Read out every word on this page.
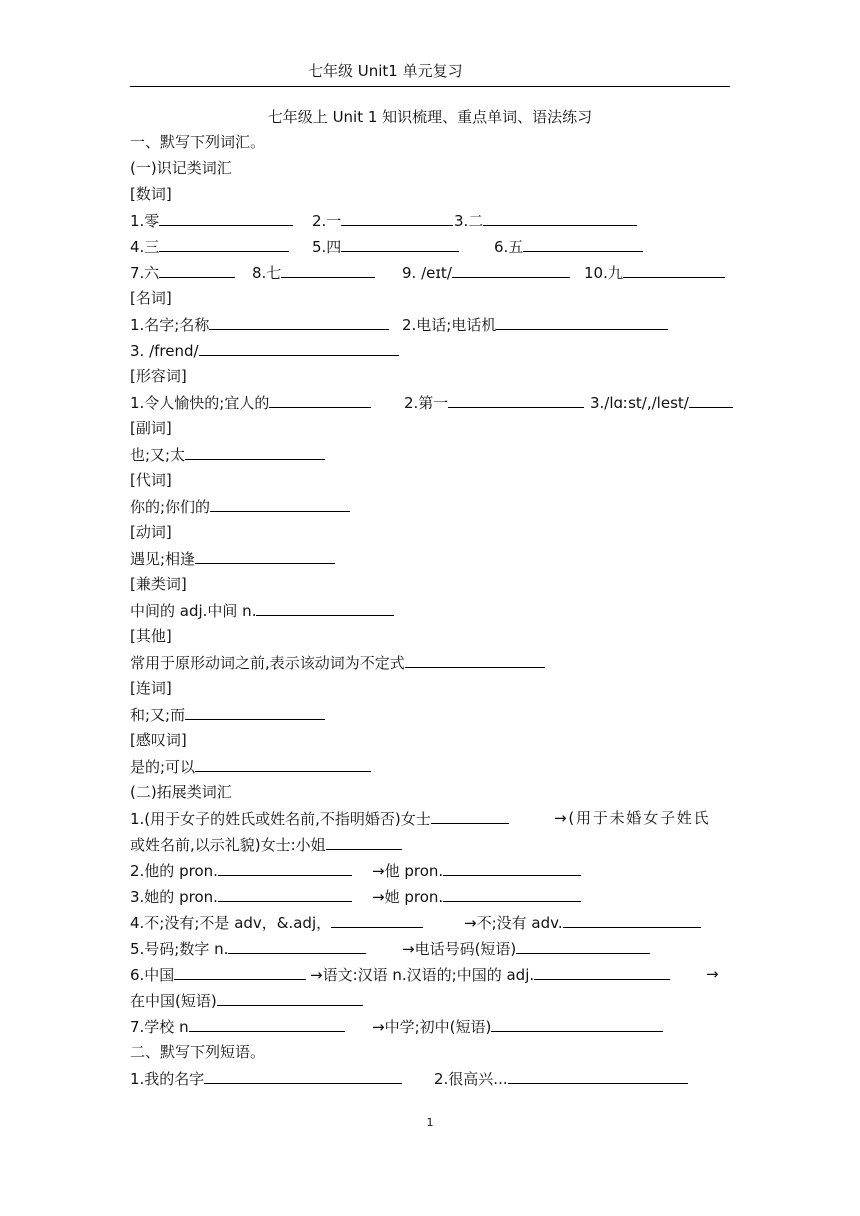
七年级 Unit1 单元复习
七年级上 Unit 1 知识梳理、重点单词、语法练习
一、默写下列词汇。
(一)识记类词汇
[数词]
1.零	2.一	3.二
4.三	5.四	6.五
7.六	8.七	9. /eɪt/	10.九
[名词]
1.名字;名称	2.电话;电话机
3. /frend/
[形容词]
1.令人愉快的;宜人的	2.第一	3./lɑːst/,/lest/
[副词]
也;又;太
[代词]
你的;你们的
[动词]
遇见;相逢
[兼类词]
中间的 adj.中间 n.
[其他]
常用于原形动词之前,表示该动词为不定式
[连词]
和;又;而
[感叹词]
是的;可以
(二)拓展类词汇
1.(用于女子的姓氏或姓名前,不指明婚否)女士	→(用于未婚女子姓氏
或姓名前,以示礼貌)女士:小姐
2.他的 pron.	→他 pron.
3.她的 pron.	→她 pron.
4.不;没有;不是 adv，&.adj，	→不;没有 adv.
5.号码;数字 n.	→电话号码(短语)
6.中国	→语文:汉语 n.汉语的;中国的 adj.	→
在中国(短语)
7.学校 n	→中学;初中(短语)
二、默写下列短语。
1.我的名字	2.很高兴...
1
